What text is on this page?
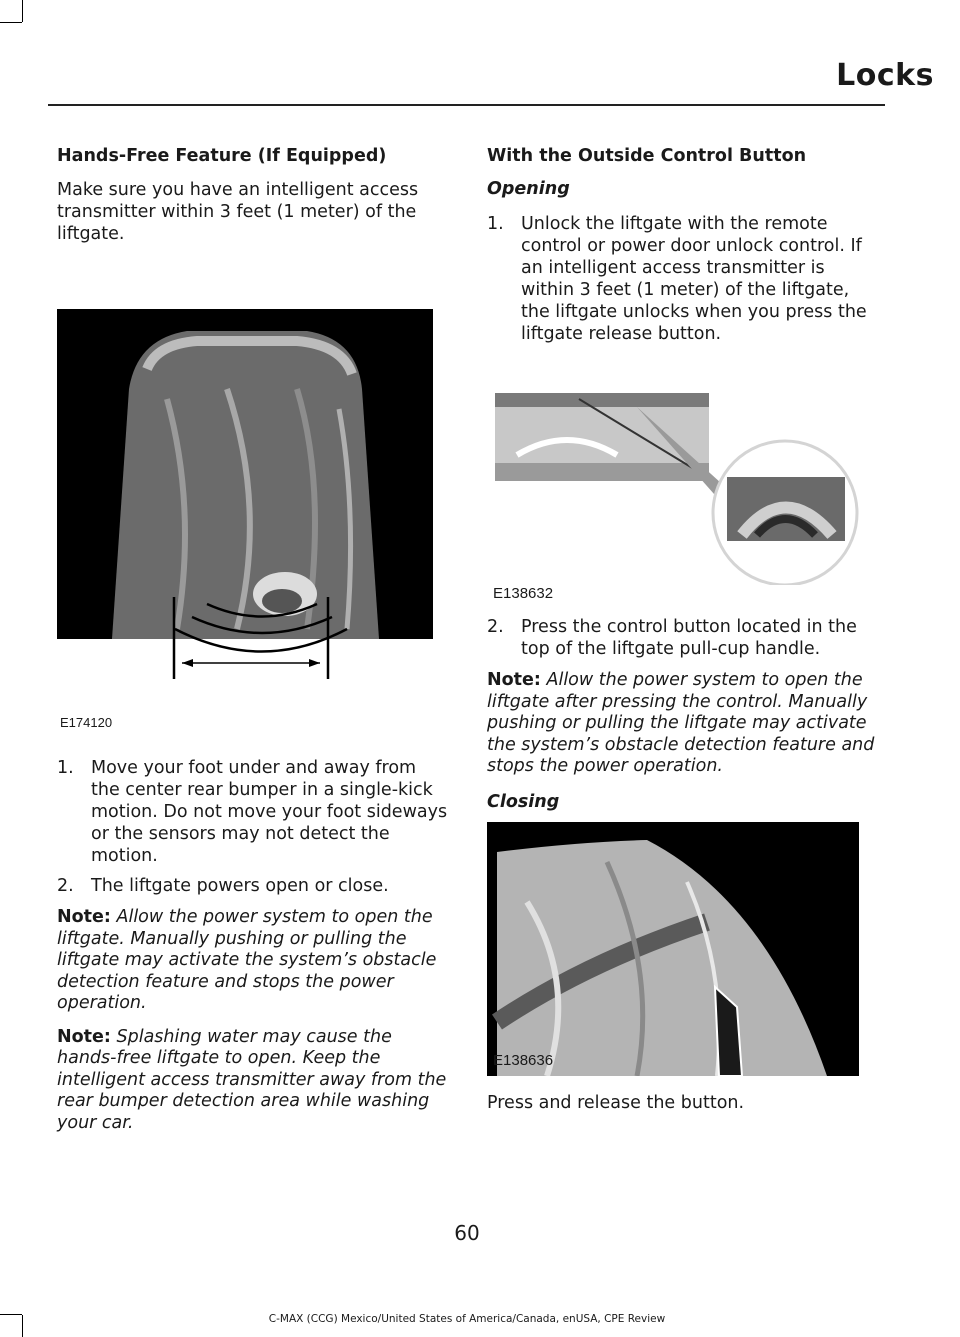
Locks
Hands-Free Feature (If Equipped)
Make sure you have an intelligent access transmitter within 3 feet (1 meter) of the liftgate.
E174120
1. Move your foot under and away from the center rear bumper in a single-kick motion. Do not move your foot sideways or the sensors may not detect the motion.
2. The liftgate powers open or close.
Note: Allow the power system to open the liftgate. Manually pushing or pulling the liftgate may activate the system’s obstacle detection feature and stops the power operation.
Note: Splashing water may cause the hands-free liftgate to open. Keep the intelligent access transmitter away from the rear bumper detection area while washing your car.
With the Outside Control Button
Opening
1. Unlock the liftgate with the remote control or power door unlock control. If an intelligent access transmitter is within 3 feet (1 meter) of the liftgate, the liftgate unlocks when you press the liftgate release button.
E138632
2. Press the control button located in the top of the liftgate pull-cup handle.
Note: Allow the power system to open the liftgate after pressing the control. Manually pushing or pulling the liftgate may activate the system’s obstacle detection feature and stops the power operation.
Closing
E138636
Press and release the button.
60
C-MAX (CCG) Mexico/United States of America/Canada, enUSA, CPE Review
